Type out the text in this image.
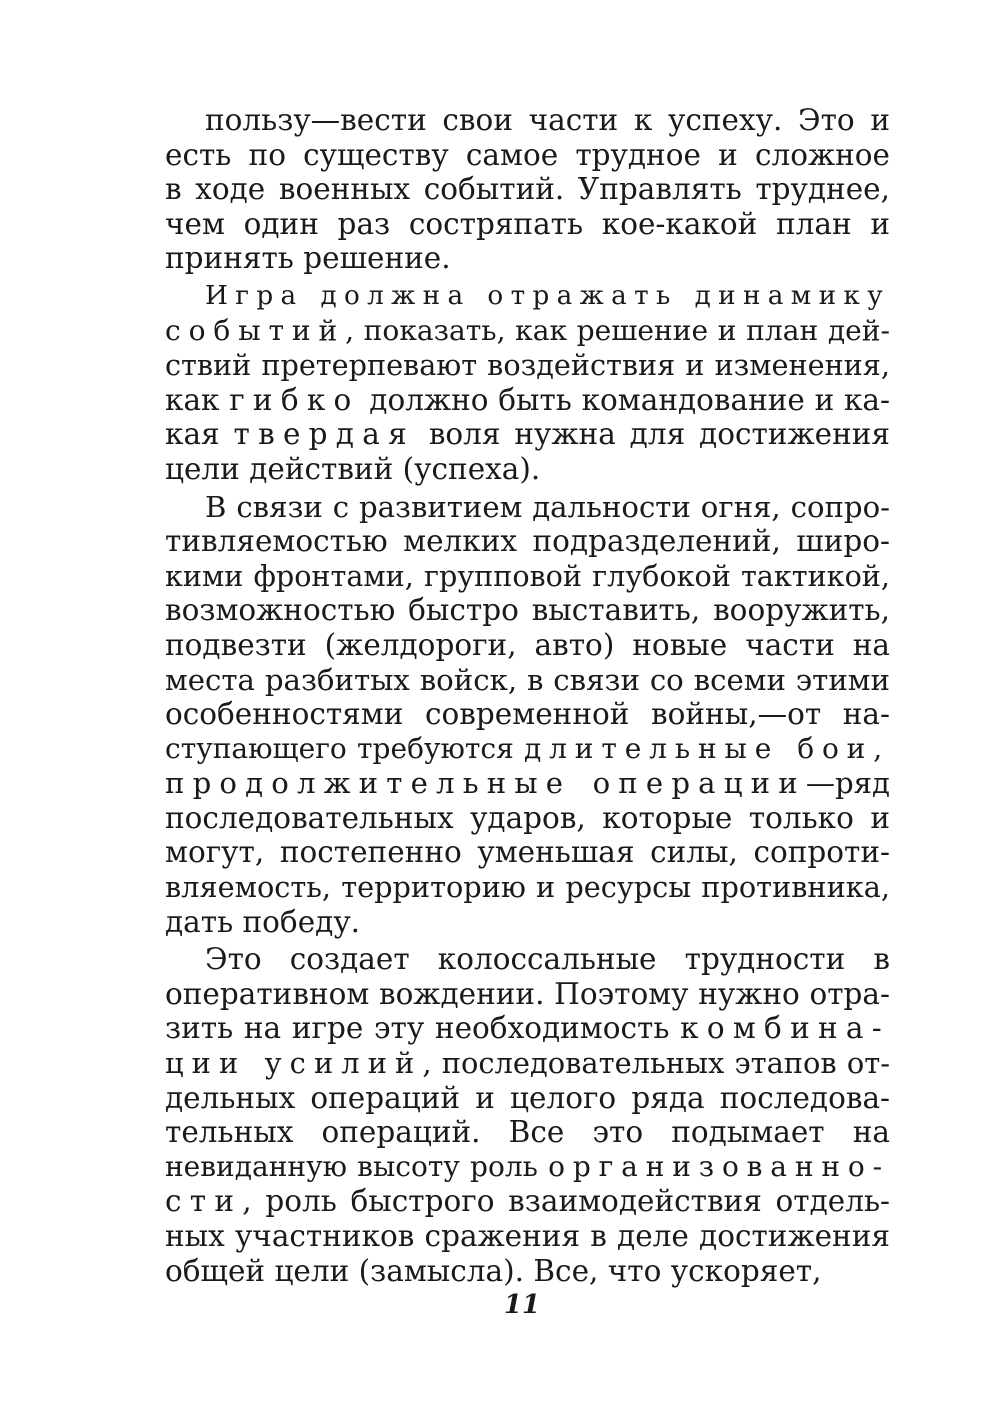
пользу—вести свои части к успеху. Это и
есть по существу самое трудное и сложное
в ходе военных событий. Управлять труднее,
чем один раз состряпать кое-какой план и
принять решение.
Игра должна отражать динамику
событий, показать, как решение и план дей-
ствий претерпевают воздействия и изменения,
как гибко должно быть командование и ка-
кая твердая воля нужна для достижения
цели действий (успеха).
В связи с развитием дальности огня, сопро-
тивляемостью мелких подразделений, широ-
кими фронтами, групповой глубокой тактикой,
возможностью быстро выставить, вооружить,
подвезти (желдороги, авто) новые части на
места разбитых войск, в связи со всеми этими
особенностями современной войны,—от на-
ступающего требуются длительные бои,
продолжительные операции—ряд
последовательных ударов, которые только и
могут, постепенно уменьшая силы, сопроти-
вляемость, территорию и ресурсы противника,
дать победу.
Это создает колоссальные трудности в
оперативном вождении. Поэтому нужно отра-
зить на игре эту необходимость комбина-
ции усилий, последовательных этапов от-
дельных операций и целого ряда последова-
тельных операций. Все это подымает на
невиданную высоту роль организованно-
сти, роль быстрого взаимодействия отдель-
ных участников сражения в деле достижения
общей цели (замысла). Все, что ускоряет,
11
